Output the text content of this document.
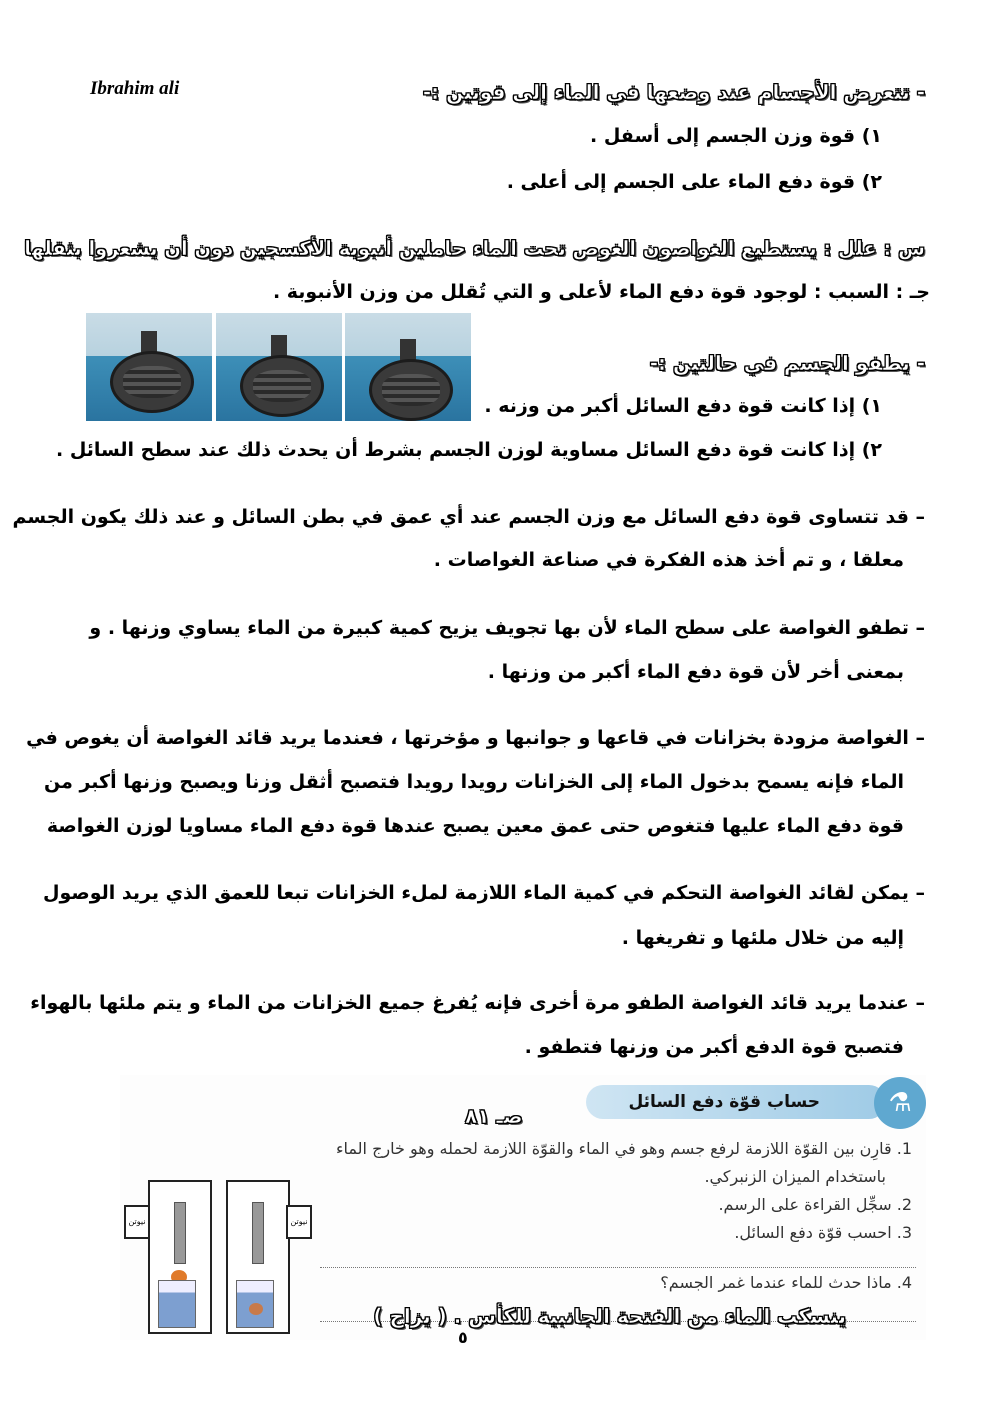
Ibrahim ali	- تتعرض الأجسام عند وضعها في الماء إلى قوتين :-
١) قوة وزن الجسم إلى أسفل .
٢) قوة دفع الماء على الجسم إلى أعلى .
س : علل : يستطيع الغواصون الغوص تحت الماء حاملين أنبوبة الأكسجين دون أن يشعروا بثقلها
جـ : السبب : لوجود قوة دفع الماء لأعلى و التي تُقلل من وزن الأنبوبة .
- يطفو الجسم في حالتين :-
١) إذا كانت قوة دفع السائل أكبر من وزنه .
٢) إذا كانت قوة دفع السائل مساوية لوزن الجسم بشرط أن يحدث ذلك عند سطح السائل .
– قد تتساوى قوة دفع السائل مع وزن الجسم عند أي عمق في بطن السائل و عند ذلك يكون الجسم
معلقا ، و تم أخذ هذه الفكرة في صناعة الغواصات .
– تطفو الغواصة على سطح الماء لأن بها تجويف يزيح كمية كبيرة من الماء يساوي وزنها . و
بمعنى أخر لأن قوة دفع الماء أكبر من وزنها .
– الغواصة مزودة بخزانات في قاعها و جوانبها و مؤخرتها ، فعندما يريد قائد الغواصة أن يغوص في
الماء فإنه يسمح بدخول الماء إلى الخزانات رويدا رويدا فتصبح أثقل وزنا ويصبح وزنها أكبر من
قوة دفع الماء عليها فتغوص حتى عمق معين يصبح عندها قوة دفع الماء مساويا لوزن الغواصة
– يمكن لقائد الغواصة التحكم في كمية الماء اللازمة لملء الخزانات تبعا للعمق الذي يريد الوصول
إليه من خلال ملئها و تفريغها .
– عندما يريد قائد الغواصة الطفو مرة أخرى فإنه يُفرغ جميع الخزانات من الماء و يتم ملئها بالهواء
فتصبح قوة الدفع أكبر من وزنها فتطفو .
حساب قوّة دفع السائل	⚗
صـ ٨١
1. قارِن بين القوّة اللازمة لرفع جسم وهو في الماء والقوّة اللازمة لحمله وهو خارج الماء
باستخدام الميزان الزنبركي.
2. سجِّل القراءة على الرسم.
3. احسب قوّة دفع السائل.
4. ماذا حدث للماء عندما غمر الجسم؟
ينسكب الماء من الفتحة الجانبية للكأس . ( يزاح )
نيوتن	نيوتن
٥
